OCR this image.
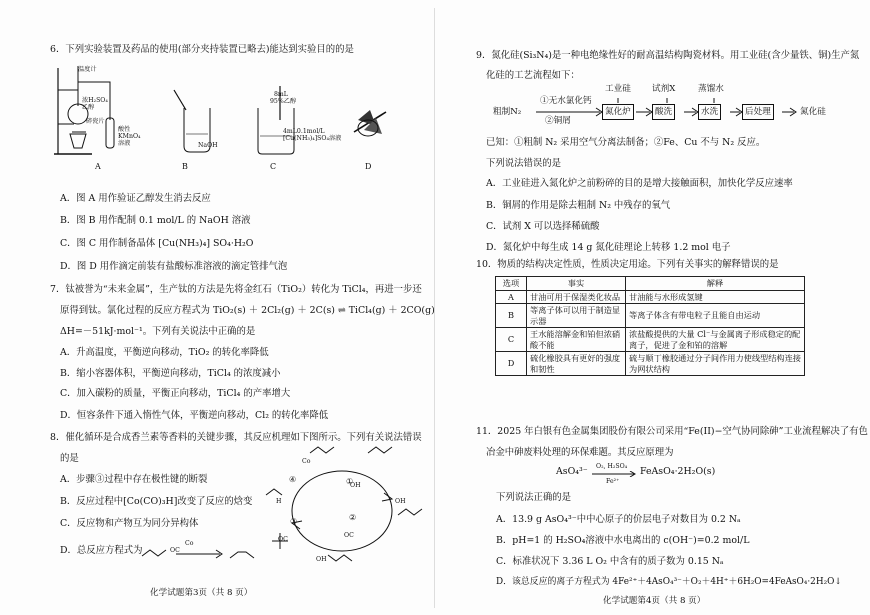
6．下列实验装置及药品的使用(部分夹持装置已略去)能达到实验目的的是
温度计
浓H₂SO₄
乙醇
碎瓷片
酸性
KMnO₄
溶液
A
NaOH
B
8mL
95%乙醇
4mL0.1mol/L
[Cu(NH₃)₄]SO₄溶液
C	D
A．图 A 用作验证乙醇发生消去反应
B．图 B 用作配制 0.1 mol/L 的 NaOH 溶液
C．图 C 用作制备晶体 [Cu(NH₃)₄] SO₄·H₂O
D．图 D 用作滴定前装有盐酸标准溶液的滴定管排气泡
7．钛被誉为“未来金属”，生产钛的方法是先将金红石（TiO₂）转化为 TiCl₄，再进一步还
原得到钛。氯化过程的反应方程式为 TiO₂(s) ＋ 2Cl₂(g) ＋ 2C(s) ⇌ TiCl₄(g) ＋ 2CO(g)
ΔH=－51kJ·mol⁻¹。下列有关说法中正确的是
A．升高温度，平衡逆向移动，TiO₂ 的转化率降低
B．缩小容器体积，平衡逆向移动，TiCl₄ 的浓度减小
C．加入碳粉的质量，平衡正向移动，TiCl₄ 的产率增大
D．恒容条件下通入惰性气体，平衡逆向移动，Cl₂ 的转化率降低
8．催化循环是合成香兰素等香料的关键步骤，其反应机理如下图所示。下列有关说法错误
的是
A．步骤③过程中存在极性键的断裂
B．反应过程中[Co(CO)₃H]改变了反应的焓变
C．反应物和产物互为同分异构体
D．总反应方程式为
Co
OC
Co
OH
OH
OC
OC
OH
H
④	①
③	②
化学试题第3页（共 8 页）
9．氮化硅(Si₃N₄)是一种电绝缘性好的耐高温结构陶瓷材料。用工业硅(含少量铁、铜)生产氮
化硅的工艺流程如下：
工业硅 试剂X	蒸馏水
氮化炉	酸洗	水洗	后处理
粗制N₂
①无水氯化钙
②铜屑
氮化硅
已知：①粗制 N₂ 采用空气分离法制备；②Fe、Cu 不与 N₂ 反应。
下列说法错误的是
A．工业硅进入氮化炉之前粉碎的目的是增大接触面积，加快化学反应速率
B．铜屑的作用是除去粗制 N₂ 中残存的氧气
C．试剂 X 可以选择稀硫酸
D．氮化炉中每生成 14 g 氮化硅理论上转移 1.2 mol 电子
10．物质的结构决定性质，性质决定用途。下列有关事实的解释错误的是
选项	事实	解释
A	甘油可用于保湿类化妆品	甘油能与水形成氢键
B	等离子体可以用于制造显示器	等离子体含有带电粒子且能自由运动
C	王水能溶解金和铂但浓硝酸不能	浓盐酸提供的大量 Cl⁻与金属离子形成稳定的配离子，促进了金和铂的溶解
D	硫化橡胶具有更好的强度和韧性	硫与顺丁橡胶通过分子间作用力使线型结构连接为网状结构
11．2025 年白银有色金属集团股份有限公司采用“Fe(II)−空气协同除砷”工业流程解决了有色
冶金中砷废料处理的环保难题。其反应原理为
AsO₄³⁻ O₂, H₂SO₄
Fe²⁺
FeAsO₄·2H₂O(s)
下列说法正确的是
A．13.9 g AsO₄³⁻中中心原子的价层电子对数目为 0.2 Nₐ
B．pH=1 的 H₂SO₄溶液中水电离出的 c(OH⁻)=0.2 mol/L
C．标准状况下 3.36 L O₂ 中含有的质子数为 0.15 Nₐ
D．该总反应的离子方程式为 4Fe²⁺＋4AsO₄³⁻＋O₂＋4H⁺＋6H₂O=4FeAsO₄·2H₂O↓
化学试题第4页（共 8 页）
